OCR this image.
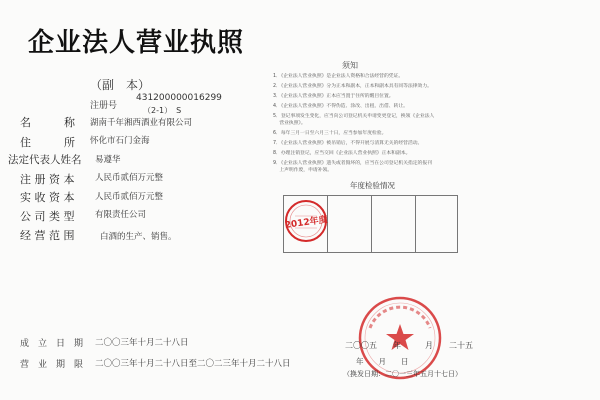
企业法人营业执照
（副　本）
注册号
431200000016299
（2-1）　S
名　　　称 湖南千年湘西酒业有限公司
住　　　所 怀化市石门金海
法定代表人姓名 易遵华
注 册 资 本 人民币贰佰万元整
实 收 资 本 人民币贰佰万元整
公 司 类 型 有限责任公司
经 营 范 围	白酒的生产、销售。
须知
1．《企业法人营业执照》是企业法人资格和合法经营的凭证。
2．《企业法人营业执照》分为正本和副本，正本和副本具有同等法律效力。
3．《企业法人营业执照》正本应当置于住所的醒目位置。
4．《企业法人营业执照》不得伪造、涂改、出租、出借、转让。
5．登记事项发生变化，应当向公司登记机关申请变更登记，换领《企业法人
　 营业执照》。
6．每年三月一日至六月三十日，应当参加年度检验。
7．《企业法人营业执照》被吊销后，不得开展与清算无关的经营活动。
8．办理注销登记，应当交回《企业法人营业执照》正本和副本。
9．《企业法人营业执照》遗失或者毁坏的，应当在公司登记机关指定的报刊
　 上声明作废，申请补领。
年度检验情况
2012年度
成　立　日　期 二〇〇三年十月二十八日
营　业　期　限 二〇〇三年十月二十八日至二〇二三年十月二十八日
二〇〇五　　年　　　月　　二十五
年　　月　　日
（换发日期：二〇一三年五月十七日）
